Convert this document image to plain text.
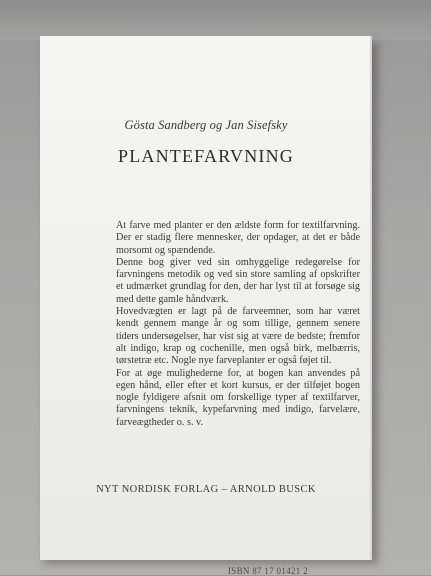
Gösta Sandberg og Jan Sisefsky
PLANTEFARVNING

At farve med planter er den ældste form for textilfarvning. Der er stadig flere mennesker, der opdager, at det er både morsomt og spændende.

Denne bog giver ved sin omhyggelige redegørelse for farvningens metodik og ved sin store samling af opskrifter et udmærket grundlag for den, der har lyst til at forsøge sig med dette gamle håndværk.

Hovedvægten er lagt på de farveemner, som har været kendt gennem mange år og som tillige, gennem senere tiders undersøgelser, har vist sig at være de bedste; fremfor alt indigo, krap og cochenille, men også birk, melbærris, tørstetræ etc. Nogle nye farveplanter er også føjet til.

For at øge mulighederne for, at bogen kan anvendes på egen hånd, eller efter et kort kursus, er der tilføjet bogen nogle fyldigere afsnit om forskellige typer af textilfarver, farvningens teknik, kypefarvning med indigo, farvelære, farveægtheder o. s. v.

NYT NORDISK FORLAG – ARNOLD BUSCK
ISBN 87 17 01421 2
